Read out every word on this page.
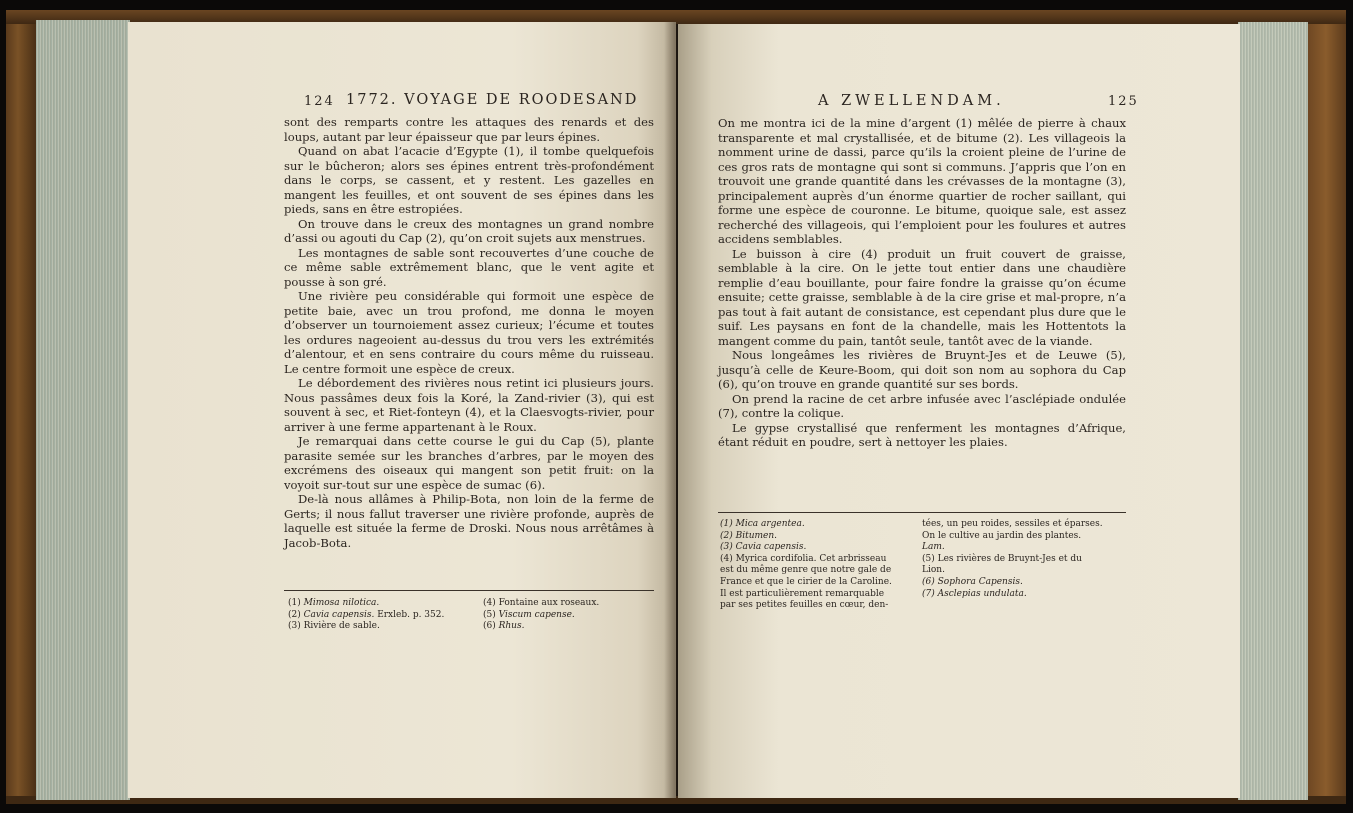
124 1772. VOYAGE DE ROODESAND

sont des remparts contre les attaques des renards et des loups, autant par leur épaisseur que par leurs épines.

Quand on abat l’acacie d’Egypte (1), il tombe quelquefois sur le bûcheron; alors ses épines entrent très-profondément dans le corps, se cassent, et y restent. Les gazelles en mangent les feuilles, et ont souvent de ses épines dans les pieds, sans en être estropiées.

On trouve dans le creux des montagnes un grand nombre d’assi ou agouti du Cap (2), qu’on croit sujets aux menstrues.

Les montagnes de sable sont recouvertes d’une couche de ce même sable extrêmement blanc, que le vent agite et pousse à son gré.

Une rivière peu considérable qui formoit une espèce de petite baie, avec un trou profond, me donna le moyen d’observer un tournoiement assez curieux; l’écume et toutes les ordures nageoient au-dessus du trou vers les extrémités d’alentour, et en sens contraire du cours même du ruisseau. Le centre formoit une espèce de creux.

Le débordement des rivières nous retint ici plusieurs jours. Nous passâmes deux fois la Koré, la Zand-rivier (3), qui est souvent à sec, et Riet-fonteyn (4), et la Claesvogts-rivier, pour arriver à une ferme appartenant à le Roux.

Je remarquai dans cette course le gui du Cap (5), plante parasite semée sur les branches d’arbres, par le moyen des excrémens des oiseaux qui mangent son petit fruit: on la voyoit sur-tout sur une espèce de sumac (6).

De-là nous allâmes à Philip-Bota, non loin de la ferme de Gerts; il nous fallut traverser une rivière profonde, auprès de laquelle est située la ferme de Droski. Nous nous arrêtâmes à Jacob-Bota.

(1) Mimosa nilotica.
(2) Cavia capensis. Erxleb. p. 352.
(3) Rivière de sable.
(4) Fontaine aux roseaux.
(5) Viscum capense.
(6) Rhus.
A ZWELLENDAM.	125

On me montra ici de la mine d’argent (1) mêlée de pierre à chaux transparente et mal crystallisée, et de bitume (2). Les villageois la nomment urine de dassi, parce qu’ils la croient pleine de l’urine de ces gros rats de montagne qui sont si communs. J’appris que l’on en trouvoit une grande quantité dans les crévasses de la montagne (3), principalement auprès d’un énorme quartier de rocher saillant, qui forme une espèce de couronne. Le bitume, quoique sale, est assez recherché des villageois, qui l’emploient pour les foulures et autres accidens semblables.

Le buisson à cire (4) produit un fruit couvert de graisse, semblable à la cire. On le jette tout entier dans une chaudière remplie d’eau bouillante, pour faire fondre la graisse qu’on écume ensuite; cette graisse, semblable à de la cire grise et mal-propre, n’a pas tout à fait autant de consistance, est cependant plus dure que le suif. Les paysans en font de la chandelle, mais les Hottentots la mangent comme du pain, tantôt seule, tantôt avec de la viande.

Nous longeâmes les rivières de Bruynt-Jes et de Leuwe (5), jusqu’à celle de Keure-Boom, qui doit son nom au sophora du Cap (6), qu’on trouve en grande quantité sur ses bords.

On prend la racine de cet arbre infusée avec l’asclépiade ondulée (7), contre la colique.

Le gypse crystallisé que renferment les montagnes d’Afrique, étant réduit en poudre, sert à nettoyer les plaies.

(1) Mica argentea.
(2) Bitumen.
(3) Cavia capensis.
(4) Myrica cordifolia. Cet arbrisseau
est du même genre que notre gale de
France et que le cirier de la Caroline.
Il est particulièrement remarquable
par ses petites feuilles en cœur, den-
tées, un peu roides, sessiles et éparses.
On le cultive au jardin des plantes.
Lam.
(5) Les rivières de Bruynt-Jes et du
Lion.
(6) Sophora Capensis.
(7) Asclepias undulata.
